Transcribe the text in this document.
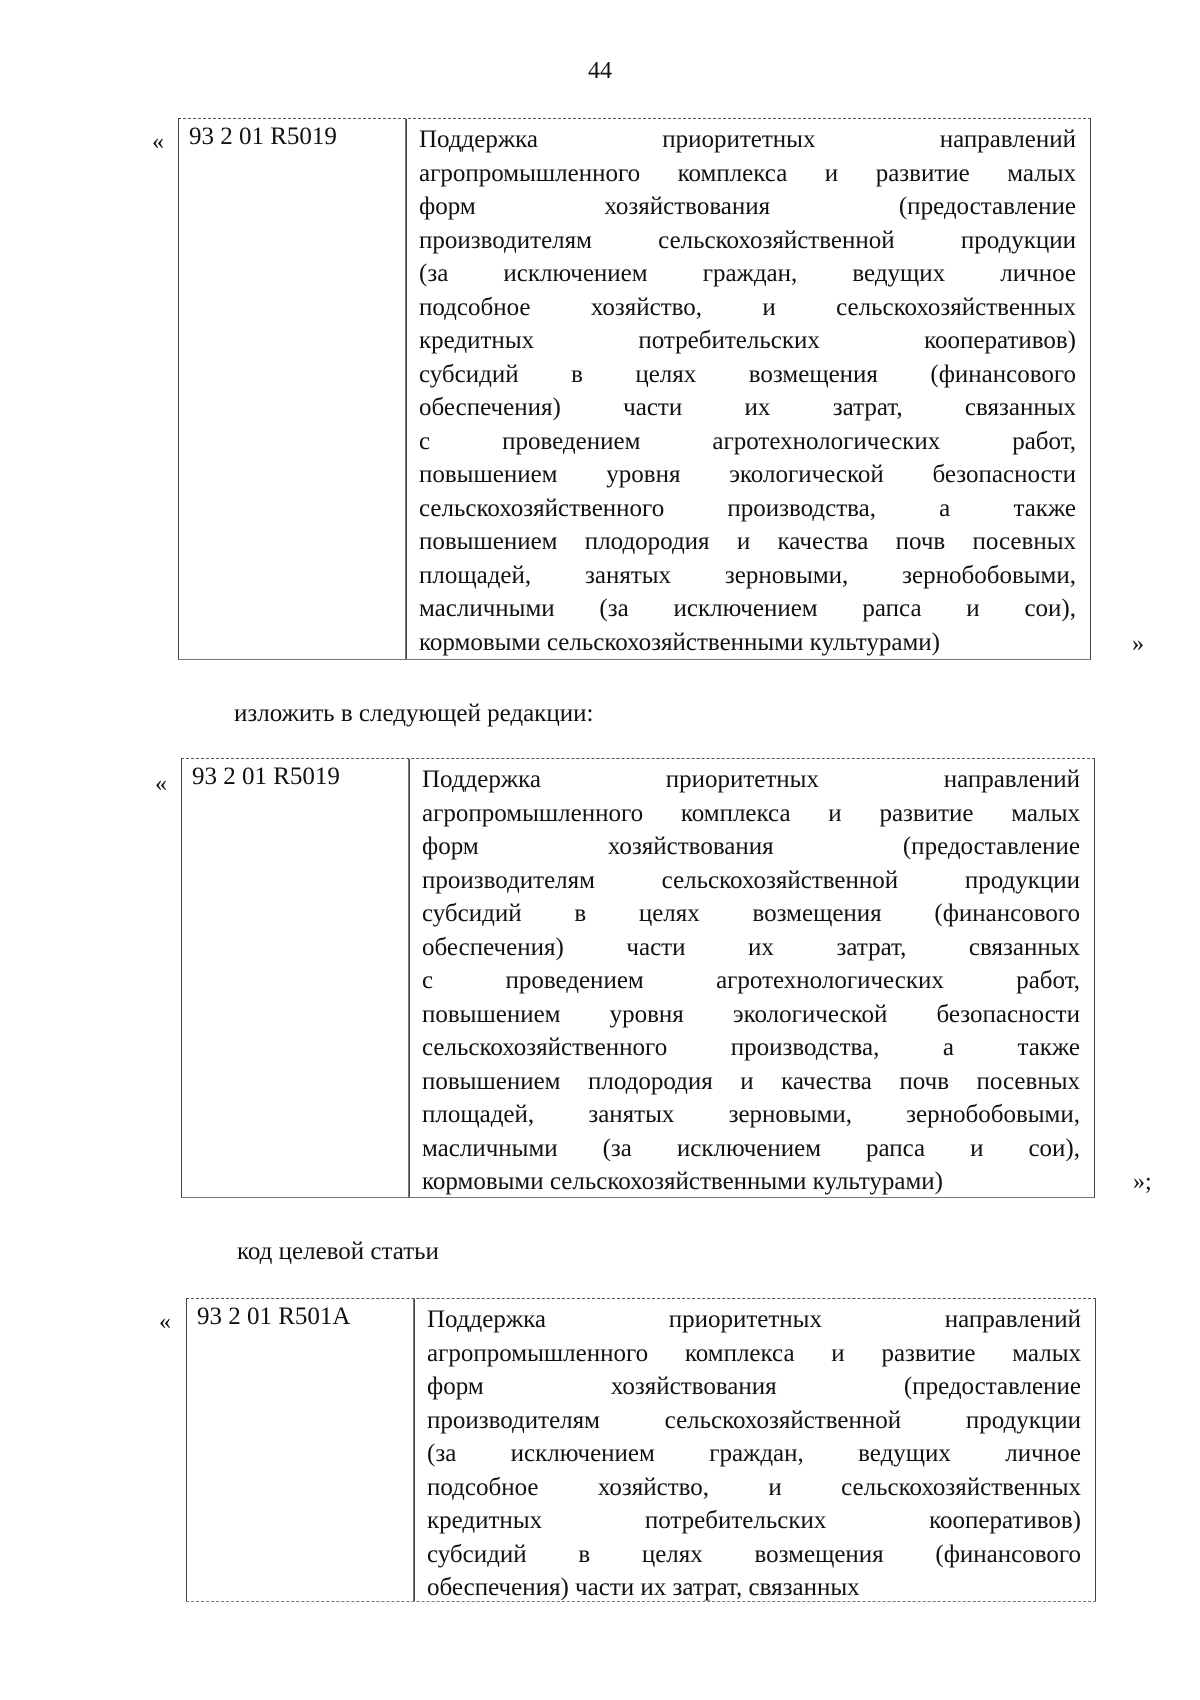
44
«	93 2 01 R5019	Поддержка приоритетных направлений
агропромышленного комплекса и развитие малых
форм хозяйствования (предоставление
производителям сельскохозяйственной продукции
(за исключением граждан, ведущих личное
подсобное хозяйство, и сельскохозяйственных
кредитных потребительских кооперативов)
субсидий в целях возмещения (финансового
обеспечения) части их затрат, связанных
с проведением агротехнологических работ,
повышением уровня экологической безопасности
сельскохозяйственного производства, а также
повышением плодородия и качества почв посевных
площадей, занятых зерновыми, зернобобовыми,
масличными (за исключением рапса и сои),
кормовыми сельскохозяйственными культурами)	»
изложить в следующей редакции:
«	93 2 01 R5019	Поддержка приоритетных направлений
агропромышленного комплекса и развитие малых
форм хозяйствования (предоставление
производителям сельскохозяйственной продукции
субсидий в целях возмещения (финансового
обеспечения) части их затрат, связанных
с проведением агротехнологических работ,
повышением уровня экологической безопасности
сельскохозяйственного производства, а также
повышением плодородия и качества почв посевных
площадей, занятых зерновыми, зернобобовыми,
масличными (за исключением рапса и сои),
кормовыми сельскохозяйственными культурами)	»;
код целевой статьи
«	93 2 01 R501А	Поддержка приоритетных направлений
агропромышленного комплекса и развитие малых
форм хозяйствования (предоставление
производителям сельскохозяйственной продукции
(за исключением граждан, ведущих личное
подсобное хозяйство, и сельскохозяйственных
кредитных потребительских кооперативов)
субсидий в целях возмещения (финансового
обеспечения) части их затрат, связанных
